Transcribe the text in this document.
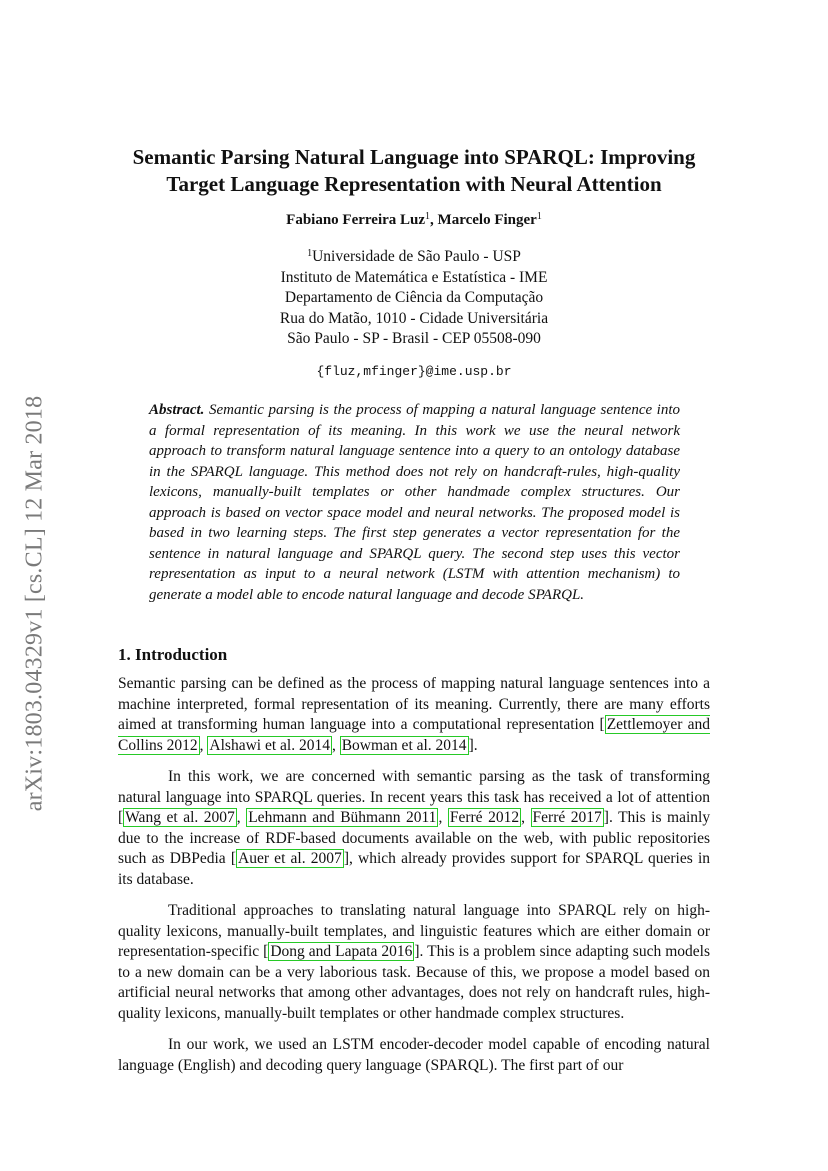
arXiv:1803.04329v1 [cs.CL] 12 Mar 2018
Semantic Parsing Natural Language into SPARQL: Improving
Target Language Representation with Neural Attention
Fabiano Ferreira Luz$^1$, Marcelo Finger$^1$
$^1$Universidade de São Paulo - USP
Instituto de Matemática e Estatística - IME
Departamento de Ciência da Computação
Rua do Matão, 1010 - Cidade Universitária
São Paulo - SP - Brasil - CEP 05508-090
{fluz,mfinger}@ime.usp.br
Abstract. Semantic parsing is the process of mapping a natural language sentence into a formal representation of its meaning. In this work we use the neural network approach to transform natural language sentence into a query to an ontology database in the SPARQL language. This method does not rely on handcraft-rules, high-quality lexicons, manually-built templates or other handmade complex structures. Our approach is based on vector space model and neural networks. The proposed model is based in two learning steps. The first step generates a vector representation for the sentence in natural language and SPARQL query. The second step uses this vector representation as input to a neural network (LSTM with attention mechanism) to generate a model able to encode natural language and decode SPARQL.
1. Introduction

Semantic parsing can be defined as the process of mapping natural language sentences into a machine interpreted, formal representation of its meaning. Currently, there are many efforts aimed at transforming human language into a computational representation [ Zettlemoyer and Collins 2012 , Alshawi et al. 2014 , Bowman et al. 2014 ].

In this work, we are concerned with semantic parsing as the task of transforming natural language into SPARQL queries. In recent years this task has received a lot of attention [ Wang et al. 2007 , Lehmann and Bühmann 2011 , Ferré 2012 , Ferré 2017 ]. This is mainly due to the increase of RDF-based documents available on the web, with public repositories such as DBPedia [ Auer et al. 2007 ], which already provides support for SPARQL queries in its database.

Traditional approaches to translating natural language into SPARQL rely on high-quality lexicons, manually-built templates, and linguistic features which are either domain or representation-specific [ Dong and Lapata 2016 ]. This is a problem since adapting such models to a new domain can be a very laborious task. Because of this, we propose a model based on artificial neural networks that among other advantages, does not rely on handcraft rules, high-quality lexicons, manually-built templates or other handmade complex structures.

In our work, we used an LSTM encoder-decoder model capable of encoding natural language (English) and decoding query language (SPARQL). The first part of our
